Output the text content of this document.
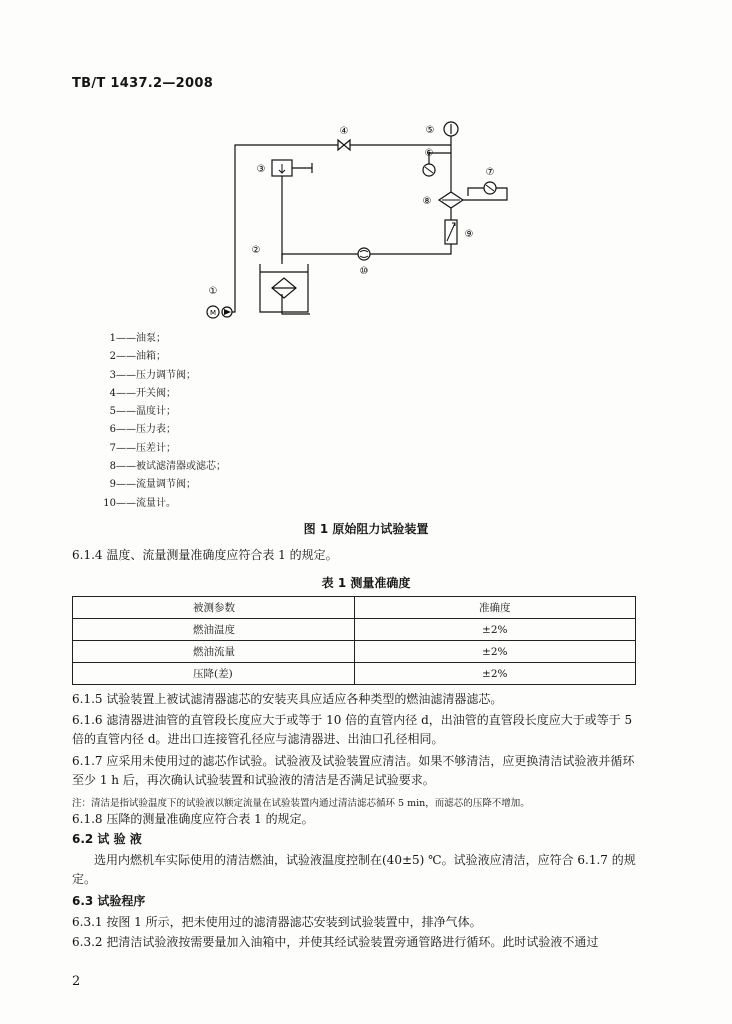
TB/T 1437.2—2008
M
①
②
③
④	⑤
⑥
⑦
⑧
⑨
⑩
1——油泵；
2——油箱；
3——压力调节阀；
4——开关阀；
5——温度计；
6——压力表；
7——压差计；
8——被试滤清器或滤芯；
9——流量调节阀；
10——流量计。
图 1 原始阻力试验装置
6.1.4 温度、流量测量准确度应符合表 1 的规定。
表 1 测量准确度
被测参数	准确度
燃油温度	±2%
燃油流量	±2%
压降(差)	±2%
6.1.5 试验装置上被试滤清器滤芯的安装夹具应适应各种类型的燃油滤清器滤芯。
6.1.6 滤清器进油管的直管段长度应大于或等于 10 倍的直管内径 d，出油管的直管段长度应大于或等于 5 倍的直管内径 d。进出口连接管孔径应与滤清器进、出油口孔径相同。
6.1.7 应采用未使用过的滤芯作试验。试验液及试验装置应清洁。如果不够清洁，应更换清洁试验液并循环至少 1 h 后，再次确认试验装置和试验液的清洁是否满足试验要求。
注：清洁是指试验温度下的试验液以额定流量在试验装置内通过清洁滤芯循环 5 min，而滤芯的压降不增加。
6.1.8 压降的测量准确度应符合表 1 的规定。
6.2 试 验 液
选用内燃机车实际使用的清洁燃油，试验液温度控制在(40±5) ℃。试验液应清洁，应符合 6.1.7 的规定。
6.3 试验程序
6.3.1 按图 1 所示，把未使用过的滤清器滤芯安装到试验装置中，排净气体。
6.3.2 把清洁试验液按需要量加入油箱中，并使其经试验装置旁通管路进行循环。此时试验液不通过
2
